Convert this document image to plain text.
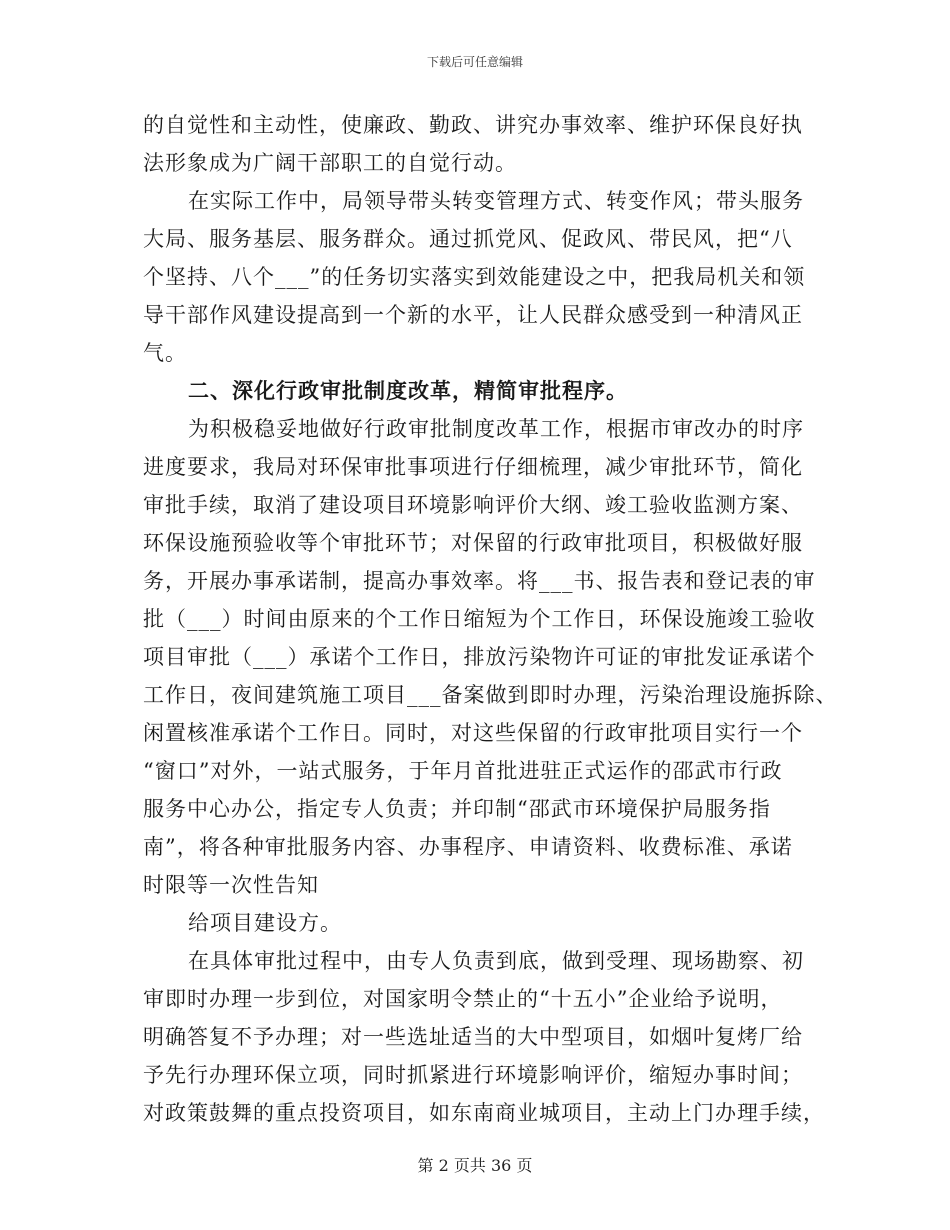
下载后可任意编辑
的自觉性和主动性，使廉政、勤政、讲究办事效率、维护环保良好执
法形象成为广阔干部职工的自觉行动。
在实际工作中，局领导带头转变管理方式、转变作风；带头服务
大局、服务基层、服务群众。通过抓党风、促政风、带民风，把“八
个坚持、八个___”的任务切实落实到效能建设之中，把我局机关和领
导干部作风建设提高到一个新的水平，让人民群众感受到一种清风正
气。
二、深化行政审批制度改革，精简审批程序。
为积极稳妥地做好行政审批制度改革工作，根据市审改办的时序
进度要求，我局对环保审批事项进行仔细梳理，减少审批环节，简化
审批手续，取消了建设项目环境影响评价大纲、竣工验收监测方案、
环保设施预验收等个审批环节；对保留的行政审批项目，积极做好服
务，开展办事承诺制，提高办事效率。将___书、报告表和登记表的审
批（___）时间由原来的个工作日缩短为个工作日，环保设施竣工验收
项目审批（___）承诺个工作日，排放污染物许可证的审批发证承诺个
工作日，夜间建筑施工项目___备案做到即时办理，污染治理设施拆除、
闲置核准承诺个工作日。同时，对这些保留的行政审批项目实行一个
“窗口”对外，一站式服务，于年月首批进驻正式运作的邵武市行政
服务中心办公，指定专人负责；并印制“邵武市环境保护局服务指
南”，将各种审批服务内容、办事程序、申请资料、收费标准、承诺
时限等一次性告知
给项目建设方。
在具体审批过程中，由专人负责到底，做到受理、现场勘察、初
审即时办理一步到位，对国家明令禁止的“十五小”企业给予说明，
明确答复不予办理；对一些选址适当的大中型项目，如烟叶复烤厂给
予先行办理环保立项，同时抓紧进行环境影响评价，缩短办事时间；
对政策鼓舞的重点投资项目，如东南商业城项目，主动上门办理手续，
第 2 页共 36 页
